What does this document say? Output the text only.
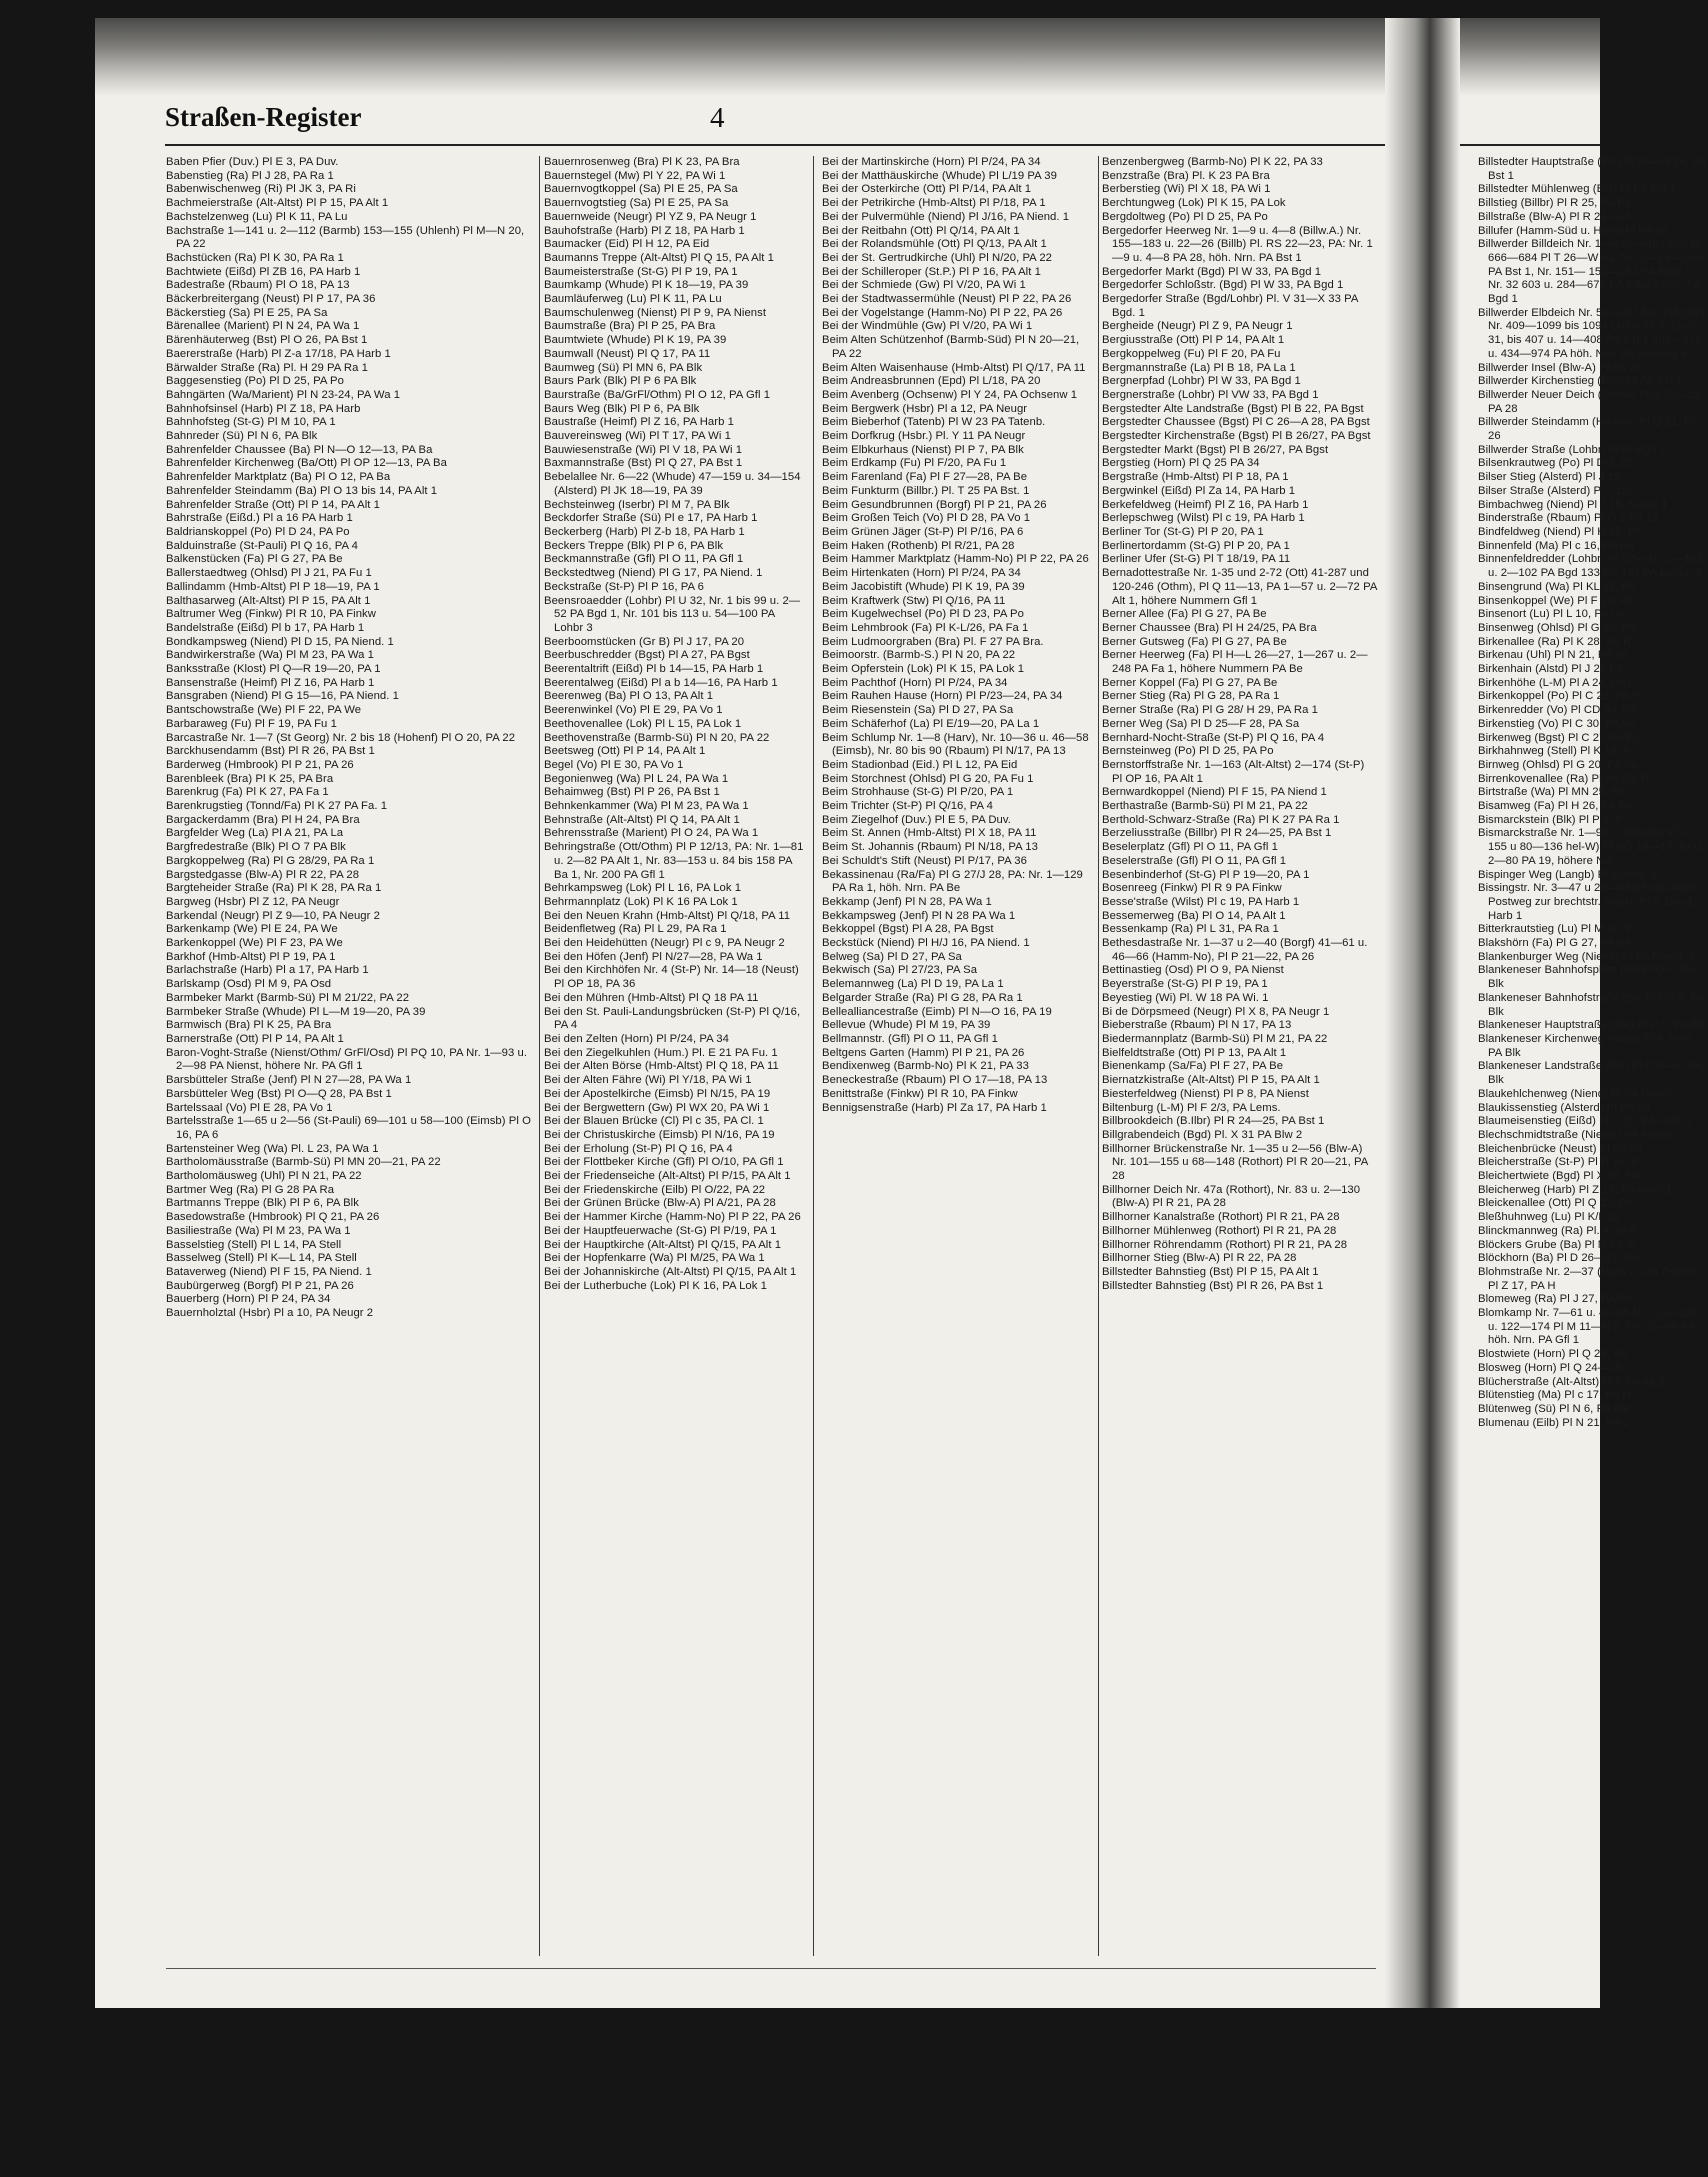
Straßen-Register	4
Baben Pfier (Duv.) Pl E 3, PA Duv.
Babenstieg (Ra) Pl J 28, PA Ra 1
Babenwischenweg (Ri) Pl JK 3, PA Ri
Bachmeierstraße (Alt-Altst) Pl P 15, PA Alt 1
Bachstelzenweg (Lu) Pl K 11, PA Lu
Bachstraße 1—141 u. 2—112 (Barmb) 153—155 (Uhlenh) Pl M—N 20, PA 22
Bachstücken (Ra) Pl K 30, PA Ra 1
Bachtwiete (Eißd) Pl ZB 16, PA Harb 1
Badestraße (Rbaum) Pl O 18, PA 13
Bäckerbreitergang (Neust) Pl P 17, PA 36
Bäckerstieg (Sa) Pl E 25, PA Sa
Bärenallee (Marient) Pl N 24, PA Wa 1
Bärenhäuterweg (Bst) Pl O 26, PA Bst 1
Baererstraße (Harb) Pl Z-a 17/18, PA Harb 1
Bärwalder Straße (Ra) Pl. H 29 PA Ra 1
Baggesenstieg (Po) Pl D 25, PA Po
Bahngärten (Wa/Marient) Pl N 23-24, PA Wa 1
Bahnhofsinsel (Harb) Pl Z 18, PA Harb
Bahnhofsteg (St-G) Pl M 10, PA 1
Bahnreder (Sü) Pl N 6, PA Blk
Bahrenfelder Chaussee (Ba) Pl N—O 12—13, PA Ba
Bahrenfelder Kirchenweg (Ba/Ott) Pl OP 12—13, PA Ba
Bahrenfelder Marktplatz (Ba) Pl O 12, PA Ba
Bahrenfelder Steindamm (Ba) Pl O 13 bis 14, PA Alt 1
Bahrenfelder Straße (Ott) Pl P 14, PA Alt 1
Bahrstraße (Eißd.) Pl a 16 PA Harb 1
Baldrianskoppel (Po) Pl D 24, PA Po
Balduinstraße (St-Pauli) Pl Q 16, PA 4
Balkenstücken (Fa) Pl G 27, PA Be
Ballerstaedtweg (Ohlsd) Pl J 21, PA Fu 1
Ballindamm (Hmb-Altst) Pl P 18—19, PA 1
Balthasarweg (Alt-Altst) Pl P 15, PA Alt 1
Baltrumer Weg (Finkw) Pl R 10, PA Finkw
Bandelstraße (Eißd) Pl b 17, PA Harb 1
Bondkampsweg (Niend) Pl D 15, PA Niend. 1
Bandwirkerstraße (Wa) Pl M 23, PA Wa 1
Banksstraße (Klost) Pl Q—R 19—20, PA 1
Bansenstraße (Heimf) Pl Z 16, PA Harb 1
Bansgraben (Niend) Pl G 15—16, PA Niend. 1
Bantschowstraße (We) Pl F 22, PA We
Barbaraweg (Fu) Pl F 19, PA Fu 1
Barcastraße Nr. 1—7 (St Georg) Nr. 2 bis 18 (Hohenf) Pl O 20, PA 22
Barckhusendamm (Bst) Pl R 26, PA Bst 1
Barderweg (Hmbrook) Pl P 21, PA 26
Barenbleek (Bra) Pl K 25, PA Bra
Barenkrug (Fa) Pl K 27, PA Fa 1
Barenkrugstieg (Tonnd/Fa) Pl K 27 PA Fa. 1
Bargackerdamm (Bra) Pl H 24, PA Bra
Bargfelder Weg (La) Pl A 21, PA La
Bargfredestraße (Blk) Pl O 7 PA Blk
Bargkoppelweg (Ra) Pl G 28/29, PA Ra 1
Bargstedgasse (Blw-A) Pl R 22, PA 28
Bargteheider Straße (Ra) Pl K 28, PA Ra 1
Bargweg (Hsbr) Pl Z 12, PA Neugr
Barkendal (Neugr) Pl Z 9—10, PA Neugr 2
Barkenkamp (We) Pl E 24, PA We
Barkenkoppel (We) Pl F 23, PA We
Barkhof (Hmb-Altst) Pl P 19, PA 1
Barlachstraße (Harb) Pl a 17, PA Harb 1
Barlskamp (Osd) Pl M 9, PA Osd
Barmbeker Markt (Barmb-Sü) Pl M 21/22, PA 22
Barmbeker Straße (Whude) Pl L—M 19—20, PA 39
Barmwisch (Bra) Pl K 25, PA Bra
Barnerstraße (Ott) Pl P 14, PA Alt 1
Baron-Voght-Straße (Nienst/Othm/ GrFl/Osd) Pl PQ 10, PA Nr. 1—93 u. 2—98 PA Nienst, höhere Nr. PA Gfl 1
Barsbütteler Straße (Jenf) Pl N 27—28, PA Wa 1
Barsbütteler Weg (Bst) Pl O—Q 28, PA Bst 1
Bartelssaal (Vo) Pl E 28, PA Vo 1
Bartelsstraße 1—65 u 2—56 (St-Pauli) 69—101 u 58—100 (Eimsb) Pl O 16, PA 6
Bartensteiner Weg (Wa) Pl. L 23, PA Wa 1
Bartholomäusstraße (Barmb-Sü) Pl MN 20—21, PA 22
Bartholomäusweg (Uhl) Pl N 21, PA 22
Bartmer Weg (Ra) Pl G 28 PA Ra
Bartmanns Treppe (Blk) Pl P 6, PA Blk
Basedowstraße (Hmbrook) Pl Q 21, PA 26
Basiliestraße (Wa) Pl M 23, PA Wa 1
Basselstieg (Stell) Pl L 14, PA Stell
Basselweg (Stell) Pl K—L 14, PA Stell
Bataverweg (Niend) Pl F 15, PA Niend. 1
Baubürgerweg (Borgf) Pl P 21, PA 26
Bauerberg (Horn) Pl P 24, PA 34
Bauernholztal (Hsbr) Pl a 10, PA Neugr 2
Bauernrosenweg (Bra) Pl K 23, PA Bra
Bauernstegel (Mw) Pl Y 22, PA Wi 1
Bauernvogtkoppel (Sa) Pl E 25, PA Sa
Bauernvogtstieg (Sa) Pl E 25, PA Sa
Bauernweide (Neugr) Pl YZ 9, PA Neugr 1
Bauhofstraße (Harb) Pl Z 18, PA Harb 1
Baumacker (Eid) Pl H 12, PA Eid
Baumanns Treppe (Alt-Altst) Pl Q 15, PA Alt 1
Baumeisterstraße (St-G) Pl P 19, PA 1
Baumkamp (Whude) Pl K 18—19, PA 39
Baumläuferweg (Lu) Pl K 11, PA Lu
Baumschulenweg (Nienst) Pl P 9, PA Nienst
Baumstraße (Bra) Pl P 25, PA Bra
Baumtwiete (Whude) Pl K 19, PA 39
Baumwall (Neust) Pl Q 17, PA 11
Baumweg (Sü) Pl MN 6, PA Blk
Baurs Park (Blk) Pl P 6 PA Blk
Baurstraße (Ba/GrFl/Othm) Pl O 12, PA Gfl 1
Baurs Weg (Blk) Pl P 6, PA Blk
Baustraße (Heimf) Pl Z 16, PA Harb 1
Bauvereinsweg (Wi) Pl T 17, PA Wi 1
Bauwiesenstraße (Wi) Pl V 18, PA Wi 1
Baxmannstraße (Bst) Pl Q 27, PA Bst 1
Bebelallee Nr. 6—22 (Whude) 47—159 u. 34—154 (Alsterd) Pl JK 18—19, PA 39
Bechsteinweg (Iserbr) Pl M 7, PA Blk
Beckdorfer Straße (Sü) Pl e 17, PA Harb 1
Beckerberg (Harb) Pl Z-b 18, PA Harb 1
Beckers Treppe (Blk) Pl P 6, PA Blk
Beckmannstraße (Gfl) Pl O 11, PA Gfl 1
Beckstedtweg (Niend) Pl G 17, PA Niend. 1
Beckstraße (St-P) Pl P 16, PA 6
Beensroaedder (Lohbr) Pl U 32, Nr. 1 bis 99 u. 2—52 PA Bgd 1, Nr. 101 bis 113 u. 54—100 PA Lohbr 3
Beerboomstücken (Gr B) Pl J 17, PA 20
Beerbuschredder (Bgst) Pl A 27, PA Bgst
Beerentaltrift (Eißd) Pl b 14—15, PA Harb 1
Beerentalweg (Eißd) Pl a b 14—16, PA Harb 1
Beerenweg (Ba) Pl O 13, PA Alt 1
Beerenwinkel (Vo) Pl E 29, PA Vo 1
Beethovenallee (Lok) Pl L 15, PA Lok 1
Beethovenstraße (Barmb-Sü) Pl N 20, PA 22
Beetsweg (Ott) Pl P 14, PA Alt 1
Begel (Vo) Pl E 30, PA Vo 1
Begonienweg (Wa) Pl L 24, PA Wa 1
Behaimweg (Bst) Pl P 26, PA Bst 1
Behnkenkammer (Wa) Pl M 23, PA Wa 1
Behnstraße (Alt-Altst) Pl Q 14, PA Alt 1
Behrensstraße (Marient) Pl O 24, PA Wa 1
Behringstraße (Ott/Othm) Pl P 12/13, PA: Nr. 1—81 u. 2—82 PA Alt 1, Nr. 83—153 u. 84 bis 158 PA Ba 1, Nr. 200 PA Gfl 1
Behrkampsweg (Lok) Pl L 16, PA Lok 1
Behrmannplatz (Lok) Pl K 16 PA Lok 1
Bei den Neuen Krahn (Hmb-Altst) Pl Q/18, PA 11
Beidenfletweg (Ra) Pl L 29, PA Ra 1
Bei den Heidehütten (Neugr) Pl c 9, PA Neugr 2
Bei den Höfen (Jenf) Pl N/27—28, PA Wa 1
Bei den Kirchhöfen Nr. 4 (St-P) Nr. 14—18 (Neust) Pl OP 18, PA 36
Bei den Mühren (Hmb-Altst) Pl Q 18 PA 11
Bei den St. Pauli-Landungsbrücken (St-P) Pl Q/16, PA 4
Bei den Zelten (Horn) Pl P/24, PA 34
Bei den Ziegelkuhlen (Hum.) Pl. E 21 PA Fu. 1
Bei der Alten Börse (Hmb-Altst) Pl Q 18, PA 11
Bei der Alten Fähre (Wi) Pl Y/18, PA Wi 1
Bei der Apostelkirche (Eimsb) Pl N/15, PA 19
Bei der Bergwettern (Gw) Pl WX 20, PA Wi 1
Bei der Blauen Brücke (Cl) Pl c 35, PA Cl. 1
Bei der Christuskirche (Eimsb) Pl N/16, PA 19
Bei der Erholung (St-P) Pl Q 16, PA 4
Bei der Flottbeker Kirche (Gfl) Pl O/10, PA Gfl 1
Bei der Friedenseiche (Alt-Altst) Pl P/15, PA Alt 1
Bei der Friedenskirche (Eilb) Pl O/22, PA 22
Bei der Grünen Brücke (Blw-A) Pl A/21, PA 28
Bei der Hammer Kirche (Hamm-No) Pl P 22, PA 26
Bei der Hauptfeuerwache (St-G) Pl P/19, PA 1
Bei der Hauptkirche (Alt-Altst) Pl Q/15, PA Alt 1
Bei der Hopfenkarre (Wa) Pl M/25, PA Wa 1
Bei der Johanniskirche (Alt-Altst) Pl Q/15, PA Alt 1
Bei der Lutherbuche (Lok) Pl K 16, PA Lok 1
Bei der Martinskirche (Horn) Pl P/24, PA 34
Bei der Matthäuskirche (Whude) Pl L/19 PA 39
Bei der Osterkirche (Ott) Pl P/14, PA Alt 1
Bei der Petrikirche (Hmb-Altst) Pl P/18, PA 1
Bei der Pulvermühle (Niend) Pl J/16, PA Niend. 1
Bei der Reitbahn (Ott) Pl Q/14, PA Alt 1
Bei der Rolandsmühle (Ott) Pl Q/13, PA Alt 1
Bei der St. Gertrudkirche (Uhl) Pl N/20, PA 22
Bei der Schilleroper (St.P.) Pl P 16, PA Alt 1
Bei der Schmiede (Gw) Pl V/20, PA Wi 1
Bei der Stadtwassermühle (Neust) Pl P 22, PA 26
Bei der Vogelstange (Hamm-No) Pl P 22, PA 26
Bei der Windmühle (Gw) Pl V/20, PA Wi 1
Beim Alten Schützenhof (Barmb-Süd) Pl N 20—21, PA 22
Beim Alten Waisenhause (Hmb-Altst) Pl Q/17, PA 11
Beim Andreasbrunnen (Epd) Pl L/18, PA 20
Beim Avenberg (Ochsenw) Pl Y 24, PA Ochsenw 1
Beim Bergwerk (Hsbr) Pl a 12, PA Neugr
Beim Bieberhof (Tatenb) Pl W 23 PA Tatenb.
Beim Dorfkrug (Hsbr.) Pl. Y 11 PA Neugr
Beim Elbkurhaus (Nienst) Pl P 7, PA Blk
Beim Erdkamp (Fu) Pl F/20, PA Fu 1
Beim Farenland (Fa) Pl F 27—28, PA Be
Beim Funkturm (Billbr.) Pl. T 25 PA Bst. 1
Beim Gesundbrunnen (Borgf) Pl P 21, PA 26
Beim Großen Teich (Vo) Pl D 28, PA Vo 1
Beim Grünen Jäger (St-P) Pl P/16, PA 6
Beim Haken (Rothenb) Pl R/21, PA 28
Beim Hammer Marktplatz (Hamm-No) Pl P 22, PA 26
Beim Hirtenkaten (Horn) Pl P/24, PA 34
Beim Jacobistift (Whude) Pl K 19, PA 39
Beim Kraftwerk (Stw) Pl Q/16, PA 11
Beim Kugelwechsel (Po) Pl D 23, PA Po
Beim Lehmbrook (Fa) Pl K-L/26, PA Fa 1
Beim Ludmoorgraben (Bra) Pl. F 27 PA Bra.
Beimoorstr. (Barmb-S.) Pl N 20, PA 22
Beim Opferstein (Lok) Pl K 15, PA Lok 1
Beim Pachthof (Horn) Pl P/24, PA 34
Beim Rauhen Hause (Horn) Pl P/23—24, PA 34
Beim Riesenstein (Sa) Pl D 27, PA Sa
Beim Schäferhof (La) Pl E/19—20, PA La 1
Beim Schlump Nr. 1—8 (Harv), Nr. 10—36 u. 46—58 (Eimsb), Nr. 80 bis 90 (Rbaum) Pl N/17, PA 13
Beim Stadionbad (Eid.) Pl L 12, PA Eid
Beim Storchnest (Ohlsd) Pl G 20, PA Fu 1
Beim Strohhause (St-G) Pl P/20, PA 1
Beim Trichter (St-P) Pl Q/16, PA 4
Beim Ziegelhof (Duv.) Pl E 5, PA Duv.
Beim St. Annen (Hmb-Altst) Pl X 18, PA 11
Beim St. Johannis (Rbaum) Pl N/18, PA 13
Bei Schuldt's Stift (Neust) Pl P/17, PA 36
Bekassinenau (Ra/Fa) Pl G 27/J 28, PA: Nr. 1—129 PA Ra 1, höh. Nrn. PA Be
Bekkamp (Jenf) Pl N 28, PA Wa 1
Bekkampsweg (Jenf) Pl N 28 PA Wa 1
Bekkoppel (Bgst) Pl A 28, PA Bgst
Beckstück (Niend) Pl H/J 16, PA Niend. 1
Belweg (Sa) Pl D 27, PA Sa
Bekwisch (Sa) Pl 27/23, PA Sa
Belemannweg (La) Pl D 19, PA La 1
Belgarder Straße (Ra) Pl G 28, PA Ra 1
Bellealliancestraße (Eimb) Pl N—O 16, PA 19
Bellevue (Whude) Pl M 19, PA 39
Bellmannstr. (Gfl) Pl O 11, PA Gfl 1
Beltgens Garten (Hamm) Pl P 21, PA 26
Bendixenweg (Barmb-No) Pl K 21, PA 33
Beneckestraße (Rbaum) Pl O 17—18, PA 13
Benittstraße (Finkw) Pl R 10, PA Finkw
Bennigsenstraße (Harb) Pl Za 17, PA Harb 1
Benzenbergweg (Barmb-No) Pl K 22, PA 33
Benzstraße (Bra) Pl. K 23 PA Bra
Berberstieg (Wi) Pl X 18, PA Wi 1
Berchtungweg (Lok) Pl K 15, PA Lok
Bergdoltweg (Po) Pl D 25, PA Po
Bergedorfer Heerweg Nr. 1—9 u. 4—8 (Billw.A.) Nr. 155—183 u. 22—26 (Billb) Pl. RS 22—23, PA: Nr. 1—9 u. 4—8 PA 28, höh. Nrn. PA Bst 1
Bergedorfer Markt (Bgd) Pl W 33, PA Bgd 1
Bergedorfer Schloßstr. (Bgd) Pl W 33, PA Bgd 1
Bergedorfer Straße (Bgd/Lohbr) Pl. V 31—X 33 PA Bgd. 1
Bergheide (Neugr) Pl Z 9, PA Neugr 1
Bergiusstraße (Ott) Pl P 14, PA Alt 1
Bergkoppelweg (Fu) Pl F 20, PA Fu
Bergmannstraße (La) Pl B 18, PA La 1
Bergnerpfad (Lohbr) Pl W 33, PA Bgd 1
Bergnerstraße (Lohbr) Pl VW 33, PA Bgd 1
Bergstedter Alte Landstraße (Bgst) Pl B 22, PA Bgst
Bergstedter Chaussee (Bgst) Pl C 26—A 28, PA Bgst
Bergstedter Kirchenstraße (Bgst) Pl B 26/27, PA Bgst
Bergstedter Markt (Bgst) Pl B 26/27, PA Bgst
Bergstieg (Horn) Pl Q 25 PA 34
Bergstraße (Hmb-Altst) Pl P 18, PA 1
Bergwinkel (Eißd) Pl Za 14, PA Harb 1
Berkefeldweg (Heimf) Pl Z 16, PA Harb 1
Berlepschweg (Wilst) Pl c 19, PA Harb 1
Berliner Tor (St-G) Pl P 20, PA 1
Berlinertordamm (St-G) Pl P 20, PA 1
Berliner Ufer (St-G) Pl T 18/19, PA 11
Bernadottestraße Nr. 1-35 und 2-72 (Ott) 41-287 und 120-246 (Othm), Pl Q 11—13, PA 1—57 u. 2—72 PA Alt 1, höhere Nummern Gfl 1
Berner Allee (Fa) Pl G 27, PA Be
Berner Chaussee (Bra) Pl H 24/25, PA Bra
Berner Gutsweg (Fa) Pl G 27, PA Be
Berner Heerweg (Fa) Pl H—L 26—27, 1—267 u. 2—248 PA Fa 1, höhere Nummern PA Be
Berner Koppel (Fa) Pl G 27, PA Be
Berner Stieg (Ra) Pl G 28, PA Ra 1
Berner Straße (Ra) Pl G 28/ H 29, PA Ra 1
Berner Weg (Sa) Pl D 25—F 28, PA Sa
Bernhard-Nocht-Straße (St-P) Pl Q 16, PA 4
Bernsteinweg (Po) Pl D 25, PA Po
Bernstorffstraße Nr. 1—163 (Alt-Altst) 2—174 (St-P) Pl OP 16, PA Alt 1
Bernwardkoppel (Niend) Pl F 15, PA Niend 1
Berthastraße (Barmb-Sü) Pl M 21, PA 22
Berthold-Schwarz-Straße (Ra) Pl K 27 PA Ra 1
Berzeliusstraße (Billbr) Pl R 24—25, PA Bst 1
Beselerplatz (Gfl) Pl O 11, PA Gfl 1
Beselerstraße (Gfl) Pl O 11, PA Gfl 1
Besenbinderhof (St-G) Pl P 19—20, PA 1
Bosenreeg (Finkw) Pl R 9 PA Finkw
Besse'straße (Wilst) Pl c 19, PA Harb 1
Bessemerweg (Ba) Pl O 14, PA Alt 1
Bessenkamp (Ra) Pl L 31, PA Ra 1
Bethesdastraße Nr. 1—37 u 2—40 (Borgf) 41—61 u. 46—66 (Hamm-No), Pl P 21—22, PA 26
Bettinastieg (Osd) Pl O 9, PA Nienst
Beyerstraße (St-G) Pl P 19, PA 1
Beyestieg (Wi) Pl. W 18 PA Wi. 1
Bi de Dörpsmeed (Neugr) Pl X 8, PA Neugr 1
Bieberstraße (Rbaum) Pl N 17, PA 13
Biedermannplatz (Barmb-Sü) Pl M 21, PA 22
Bielfeldtstraße (Ott) Pl P 13, PA Alt 1
Bienenkamp (Sa/Fa) Pl F 27, PA Be
Biernatzkistraße (Alt-Altst) Pl P 15, PA Alt 1
Biesterfeldweg (Nienst) Pl P 8, PA Nienst
Biltenburg (L-M) Pl F 2/3, PA Lems.
Billbrookdeich (B.Ilbr) Pl R 24—25, PA Bst 1
Billgrabendeich (Bgd) Pl. X 31 PA Blw 2
Billhorner Brückenstraße Nr. 1—35 u 2—56 (Blw-A) Nr. 101—155 u 68—148 (Rothort) Pl R 20—21, PA 28
Billhorner Deich Nr. 47a (Rothort), Nr. 83 u. 2—130 (Blw-A) Pl R 21, PA 28
Billhorner Kanalstraße (Rothort) Pl R 21, PA 28
Billhorner Mühlenweg (Rothort) Pl R 21, PA 28
Billhorner Röhrendamm (Rothort) Pl R 21, PA 28
Billhorner Stieg (Blw-A) Pl R 22, PA 28
Billstedter Bahnstieg (Bst) Pl P 15, PA Alt 1
Billstedter Bahnstieg (Bst) Pl R 26, PA Bst 1
Billstedter Hauptstraße (Bst) Pl 25—R 26, PA Bst 1
Billstedter Mühlenweg (Bst) Pl PA Bst 1
Billstieg (Billbr) Pl R 25, PA Bs
Billstraße (Blw-A) Pl R 21—23,
Billufer (Hamm-Süd u. Horn) Pl PA 34
Billwerder Billdeich Nr. 1—6 2—646 (Blw) Nr. 666—684 Pl T 26—W 31, Nr. 1—1 8—146 PA Bst 1, Nr. 151— 152—282 PA Billw 1, Nr. 32 603 u. 284—676 PA Billw 3 Nrn. PA Bgd 1
Billwerder Elbdeich Nr. 5a—407 bis 408 (Mfl) Nr. 409—1099 bis 1094 (Allm) Pl S 23—Y 31, bis 407 u. 14—408 PA Bst 1 409—975 u. 434—974 PA höh. Nrn. PA Neueng 4
Billwerder Insel (Blw-A) Pl PA 28
Billwerder Kirchenstieg (Blw) Pl PA Bst 1
Billwerder Neuer Deich (Rothor Pl R 20—21, PA 28
Billwerder Steindamm (Hmbroo Pl Q 21, PA 26
Billwerder Straße (Lohbr) Pl W Bgd 1
Bilsenkrautweg (Po) Pl D-E 23,
Bilser Stieg (Alsterd) Pl J 19,
Bilser Straße (Alsterd) Pl J 19,
Bimbachweg (Niend) Pl J 15, Niend 1
Binderstraße (Rbaum) Pl O 1 PA 13
Bindfeldweg (Niend) Pl H 15, PA
Binnenfeld (Ma) Pl c 16, PA Ha
Binnenfeldredder (Lohbr) Pl 32— Nr. 1—103 u. 2—102 PA Bgd 133 bis 167 PA Lohbr. 3
Binsengrund (Wa) Pl KL 25, PA
Binsenkoppel (We) Pl F 23, PA
Binsenort (Lu) Pl L 10, PA Lu
Binsenweg (Ohlsd) Pl G 20, PA
Birkenallee (Ra) Pl K 28, PA R
Birkenau (Uhl) Pl N 21, PA 24
Birkenhain (Alstd) Pl J 20 PA
Birkenhöhe (L-M) Pl A 24, PA L
Birkenkoppel (Po) Pl C 23, PA P
Birkenredder (Vo) Pl CD 30, PA
Birkenstieg (Vo) Pl C 30, PA Vo
Birkenweg (Bgst) Pl C 27 PA Bg
Birkhahnweg (Stell) Pl K 14, P
Birnweg (Ohlsd) Pl G 20, PA Fu
Birrenkovenallee (Ra) Pl JH 29, R
Birtstraße (Wa) Pl MN 25, PA
Bisamweg (Fa) Pl H 26, PA Fa
Bismarckstein (Blk) Pl P 5, P
Bismarckstraße Nr. 1—95 u. (Eimsb) 97—155 u 80—136 hel-W) Pl NO 16—17, Nr u. 2—80 PA 19, höhere Nur
Bispinger Weg (Langb) Pl d Harb. 1
Bissingstr. Nr. 3—47 u 26—44 (H von Alten Postweg zur brechtstr. (Harb) Pl Z 16—1 Harb 1
Bitterkrautstieg (Lu) Pl M 10, P
Blakshörn (Fa) Pl G 27, PA Be
Blankenburger Weg (Niend) Pl PA Niend. 1
Blankeneser Bahnhofsplatz (Blk Pl O 6, PA Blk
Blankeneser Bahnhofstraße (Blk Pl OP 6, PA Blk
Blankeneser Hauptstraße (Blk) Pl P 6, PA Blk
Blankeneser Kirchenweg (Niens Pl P 7—8, PA Blk
Blankeneser Landstraße (Blk) Pl O 5—6, PA Blk
Blaukehlchenweg (Niend) Pl PA Niend
Blaukissenstieg (Alsterd) Pl PA 39
Blaumeisenstieg (Eißd) Pl b 15, PA Harb 1
Blechschmidtstraße (Nienst) PA Nienst
Bleichenbrücke (Neust) Pl PA 36
Bleicherstraße (St-P) Pl P 16, P
Bleichertwiete (Bgd) Pl X 33, PA
Bleicherweg (Harb) Pl Z 17, PA Harb 1
Bleickenallee (Ott) Pl Q 13, PA
Bleßhuhnweg (Lu) Pl K/L 11,
Blinckmannweg (Ra) Pl. K 30 P
Blöckers Grube (Ba) Pl N 13, P
Blöckhorn (Ba) Pl D 26—27, PA
Blohmstraße Nr. 2—37 (Harb 7—31 (Heimf) Pl Z 17, PA H
Blomeweg (Ra) Pl J 27, PA Ra
Blomkamp Nr. 7—61 u. 4—66 Nr. 113—223 u. 122—174 Pl M 11—N 9, PA: 1—66 PA höh. Nrn. PA Gfl 1
Blostwiete (Horn) Pl Q 25, PA
Blosweg (Horn) Pl Q 24—25
Blücherstraße (Alt-Altst) Pl P PA Alt 1
Blütenstieg (Ma) Pl c 17, PA H
Blütenweg (Sü) Pl N 6, PA Blk
Blumenau (Eilb) Pl N 21, PA 2
